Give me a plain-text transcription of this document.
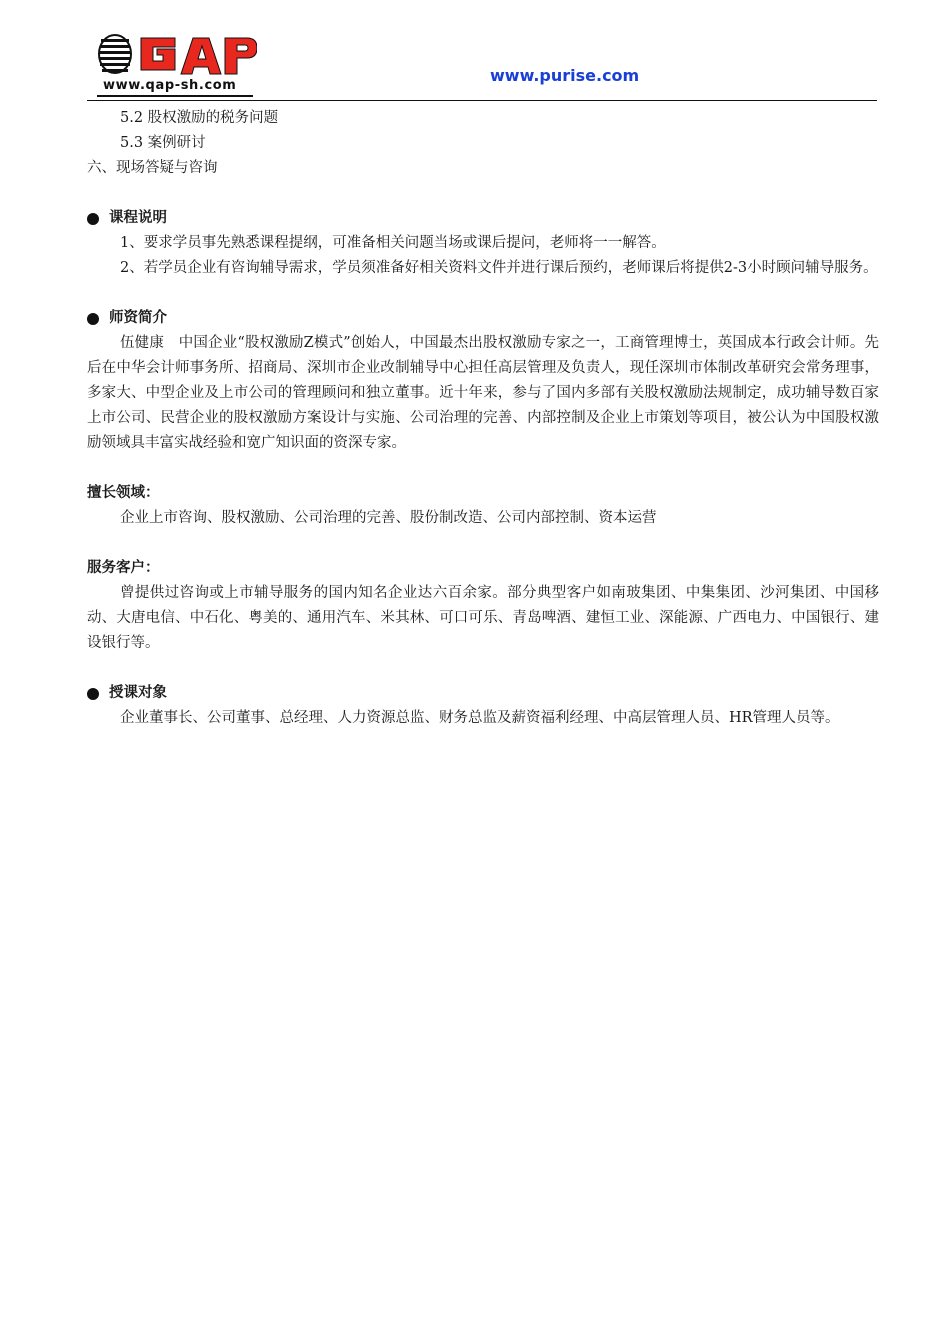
www.qap-sh.com
www.purise.com
5.2 股权激励的税务问题
5.3 案例研讨
六、现场答疑与咨询
课程说明
1、要求学员事先熟悉课程提纲，可准备相关问题当场或课后提问，老师将一一解答。
2、若学员企业有咨询辅导需求，学员须准备好相关资料文件并进行课后预约，老师课后将提供2-3小时顾问辅导服务。
师资简介
伍健康　中国企业“股权激励Z模式”创始人，中国最杰出股权激励专家之一，工商管理博士，英国成本行政会计师。先后在中华会计师事务所、招商局、深圳市企业改制辅导中心担任高层管理及负责人，现任深圳市体制改革研究会常务理事，多家大、中型企业及上市公司的管理顾问和独立董事。近十年来，参与了国内多部有关股权激励法规制定，成功辅导数百家上市公司、民营企业的股权激励方案设计与实施、公司治理的完善、内部控制及企业上市策划等项目，被公认为中国股权激励领域具丰富实战经验和宽广知识面的资深专家。
擅长领域：
企业上市咨询、股权激励、公司治理的完善、股份制改造、公司内部控制、资本运营
服务客户：
曾提供过咨询或上市辅导服务的国内知名企业达六百余家。部分典型客户如南玻集团、中集集团、沙河集团、中国移动、大唐电信、中石化、粤美的、通用汽车、米其林、可口可乐、青岛啤酒、建恒工业、深能源、广西电力、中国银行、建设银行等。
授课对象
企业董事长、公司董事、总经理、人力资源总监、财务总监及薪资福利经理、中高层管理人员、HR管理人员等。
